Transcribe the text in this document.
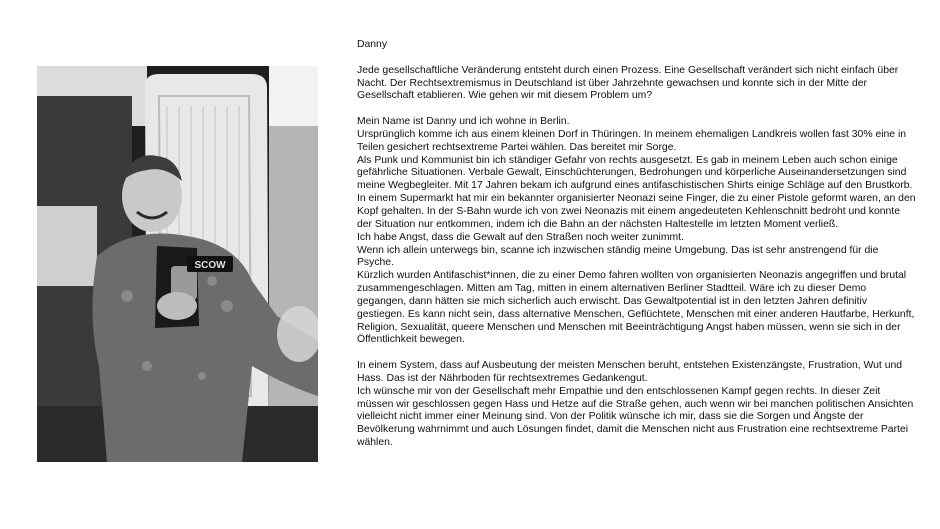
SCOW

Danny

Jede gesellschaftliche Veränderung entsteht durch einen Prozess. Eine Gesellschaft verändert sich nicht einfach über Nacht. Der Rechtsextremismus in Deutschland ist über Jahrzehnte gewachsen und konnte sich in der Mitte der Gesellschaft etablieren. Wie gehen wir mit diesem Problem um?

Mein Name ist Danny und ich wohne in Berlin.
Ursprünglich komme ich aus einem kleinen Dorf in Thüringen. In meinem ehemaligen Landkreis wollen fast 30% eine in Teilen gesichert rechtsextreme Partei wählen. Das bereitet mir Sorge.
Als Punk und Kommunist bin ich ständiger Gefahr von rechts ausgesetzt. Es gab in meinem Leben auch schon einige gefährliche Situationen. Verbale Gewalt, Einschüchterungen, Bedrohungen und körperliche Auseinandersetzungen sind meine Wegbegleiter. Mit 17 Jahren bekam ich aufgrund eines antifaschistischen Shirts einige Schläge auf den Brustkorb. In einem Supermarkt hat mir ein bekannter organisierter Neonazi seine Finger, die zu einer Pistole geformt waren, an den Kopf gehalten. In der S-Bahn wurde ich von zwei Neonazis mit einem angedeuteten Kehlenschnitt bedroht und konnte der Situation nur entkommen, indem ich die Bahn an der nächsten Haltestelle im letzten Moment verließ.
Ich habe Angst, dass die Gewalt auf den Straßen noch weiter zunimmt.
Wenn ich allein unterwegs bin, scanne ich inzwischen ständig meine Umgebung. Das ist sehr anstrengend für die Psyche.
Kürzlich wurden Antifaschist*innen, die zu einer Demo fahren wollten von organisierten Neonazis angegriffen und brutal zusammengeschlagen. Mitten am Tag, mitten in einem alternativen Berliner Stadtteil. Wäre ich zu dieser Demo gegangen, dann hätten sie mich sicherlich auch erwischt. Das Gewaltpotential ist in den letzten Jahren definitiv gestiegen. Es kann nicht sein, dass alternative Menschen, Geflüchtete, Menschen mit einer anderen Hautfarbe, Herkunft, Religion, Sexualität, queere Menschen und Menschen mit Beeinträchtigung Angst haben müssen, wenn sie sich in der Öffentlichkeit bewegen.

In einem System, dass auf Ausbeutung der meisten Menschen beruht, entstehen Existenzängste, Frustration, Wut und Hass. Das ist der Nährboden für rechtsextremes Gedankengut.
Ich wünsche mir von der Gesellschaft mehr Empathie und den entschlossenen Kampf gegen rechts. In dieser Zeit müssen wir geschlossen gegen Hass und Hetze auf die Straße gehen, auch wenn wir bei manchen politischen Ansichten vielleicht nicht immer einer Meinung sind. Von der Politik wünsche ich mir, dass sie die Sorgen und Ängste der Bevölkerung wahrnimmt und auch Lösungen findet, damit die Menschen nicht aus Frustration eine rechtsextreme Partei wählen.
